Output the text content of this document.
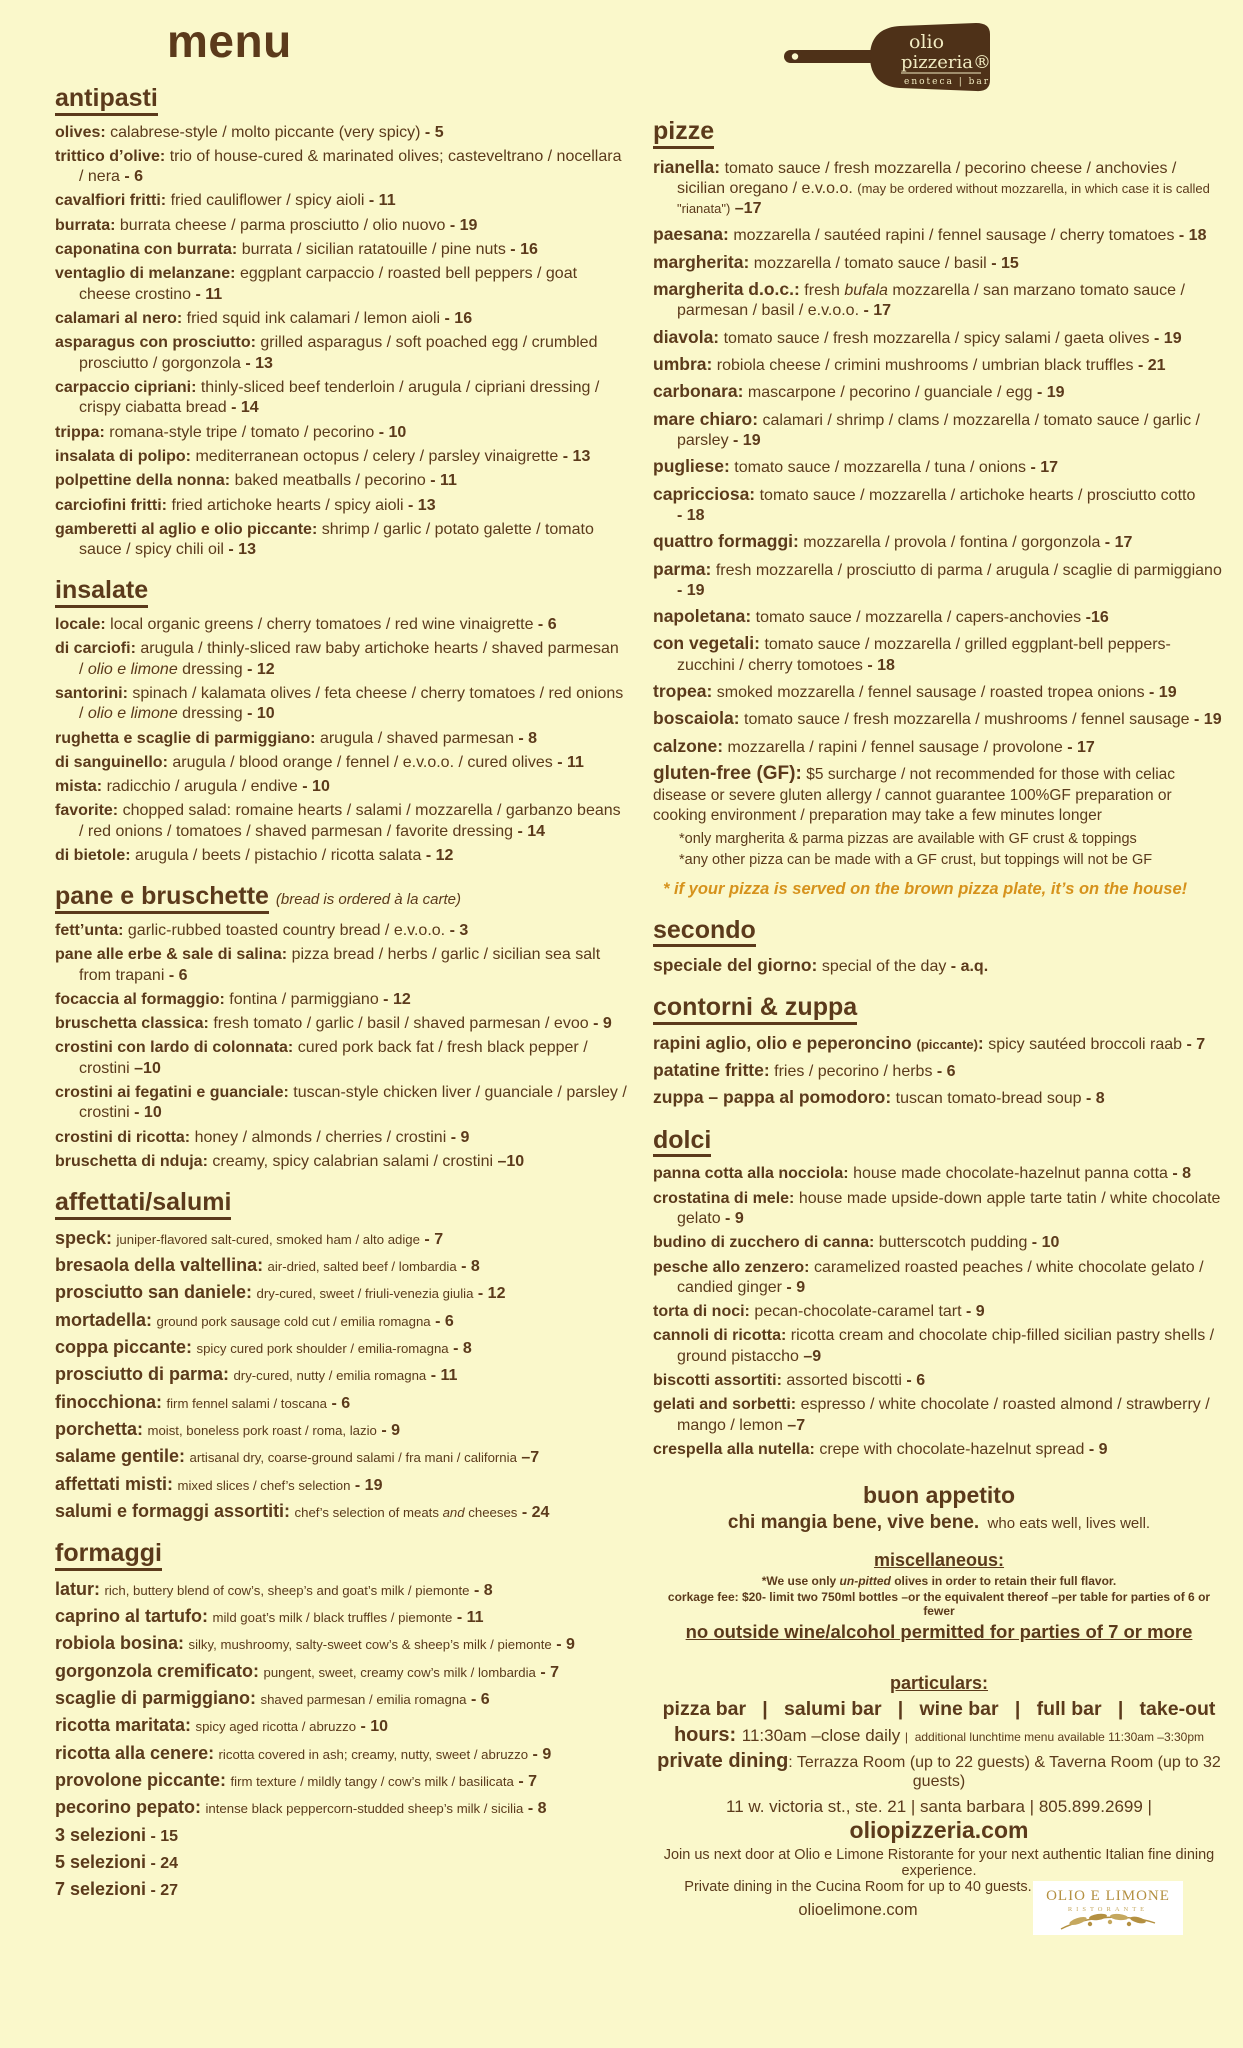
menu
antipasti

olives: calabrese-style / molto piccante (very spicy) - 5

trittico d’olive: trio of house-cured & marinated olives; casteveltrano / nocellara / nera - 6

cavalfiori fritti: fried cauliflower / spicy aioli - 11

burrata: burrata cheese / parma prosciutto / olio nuovo - 19

caponatina con burrata: burrata / sicilian ratatouille / pine nuts - 16

ventaglio di melanzane: eggplant carpaccio / roasted bell peppers / goat cheese crostino - 11

calamari al nero: fried squid ink calamari / lemon aioli - 16

asparagus con prosciutto: grilled asparagus / soft poached egg / crumbled prosciutto / gorgonzola - 13

carpaccio cipriani: thinly-sliced beef tenderloin / arugula / cipriani dressing / crispy ciabatta bread - 14

trippa: romana-style tripe / tomato / pecorino - 10

insalata di polipo: mediterranean octopus / celery / parsley vinaigrette - 13

polpettine della nonna: baked meatballs / pecorino - 11

carciofini fritti: fried artichoke hearts / spicy aioli - 13

gamberetti al aglio e olio piccante: shrimp / garlic / potato galette / tomato sauce / spicy chili oil - 13

insalate

locale: local organic greens / cherry tomatoes / red wine vinaigrette - 6

di carciofi: arugula / thinly-sliced raw baby artichoke hearts / shaved parmesan / olio e limone dressing - 12

santorini: spinach / kalamata olives / feta cheese / cherry tomatoes / red onions / olio e limone dressing - 10

rughetta e scaglie di parmiggiano: arugula / shaved parmesan - 8

di sanguinello: arugula / blood orange / fennel / e.v.o.o. / cured olives - 11

mista: radicchio / arugula / endive - 10

favorite: chopped salad: romaine hearts / salami / mozzarella / garbanzo beans / red onions / tomatoes / shaved parmesan / favorite dressing - 14

di bietole: arugula / beets / pistachio / ricotta salata - 12

pane e bruschette (bread is ordered à la carte)

fett’unta: garlic-rubbed toasted country bread / e.v.o.o. - 3

pane alle erbe & sale di salina: pizza bread / herbs / garlic / sicilian sea salt from trapani - 6

focaccia al formaggio: fontina / parmiggiano - 12

bruschetta classica: fresh tomato / garlic / basil / shaved parmesan / evoo - 9

crostini con lardo di colonnata: cured pork back fat / fresh black pepper / crostini –10

crostini ai fegatini e guanciale: tuscan-style chicken liver / guanciale / parsley / crostini - 10

crostini di ricotta: honey / almonds / cherries / crostini - 9

bruschetta di nduja: creamy, spicy calabrian salami / crostini –10

affettati/salumi

speck: juniper-flavored salt-cured, smoked ham / alto adige - 7

bresaola della valtellina: air-dried, salted beef / lombardia - 8

prosciutto san daniele: dry-cured, sweet / friuli-venezia giulia - 12

mortadella: ground pork sausage cold cut / emilia romagna - 6

coppa piccante: spicy cured pork shoulder / emilia-romagna - 8

prosciutto di parma: dry-cured, nutty / emilia romagna - 11

finocchiona: firm fennel salami / toscana - 6

porchetta: moist, boneless pork roast / roma, lazio - 9

salame gentile: artisanal dry, coarse-ground salami / fra mani / california –7

affettati misti: mixed slices / chef’s selection - 19

salumi e formaggi assortiti: chef’s selection of meats and cheeses - 24

formaggi

latur: rich, buttery blend of cow’s, sheep’s and goat’s milk / piemonte - 8

caprino al tartufo: mild goat’s milk / black truffles / piemonte - 11

robiola bosina: silky, mushroomy, salty-sweet cow’s & sheep’s milk / piemonte - 9

gorgonzola cremificato: pungent, sweet, creamy cow’s milk / lombardia - 7

scaglie di parmiggiano: shaved parmesan / emilia romagna - 6

ricotta maritata: spicy aged ricotta / abruzzo - 10

ricotta alla cenere: ricotta covered in ash; creamy, nutty, sweet / abruzzo - 9

provolone piccante: firm texture / mildly tangy / cow’s milk / basilicata - 7

pecorino pepato: intense black peppercorn-studded sheep’s milk / sicilia - 8

3 selezioni - 15

5 selezioni - 24

7 selezioni - 27

olio
pizzeria®
enoteca | bar
pizze

rianella: tomato sauce / fresh mozzarella / pecorino cheese / anchovies / sicilian oregano / e.v.o.o. (may be ordered without mozzarella, in which case it is called "rianata") –17

paesana: mozzarella / sautéed rapini / fennel sausage / cherry tomatoes - 18

margherita: mozzarella / tomato sauce / basil - 15

margherita d.o.c.: fresh bufala mozzarella / san marzano tomato sauce / parmesan / basil / e.v.o.o. - 17

diavola: tomato sauce / fresh mozzarella / spicy salami / gaeta olives - 19

umbra: robiola cheese / crimini mushrooms / umbrian black truffles - 21

carbonara: mascarpone / pecorino / guanciale / egg - 19

mare chiaro: calamari / shrimp / clams / mozzarella / tomato sauce / garlic / parsley - 19

pugliese: tomato sauce / mozzarella / tuna / onions - 17

capricciosa: tomato sauce / mozzarella / artichoke hearts / prosciutto cotto - 18

quattro formaggi: mozzarella / provola / fontina / gorgonzola - 17

parma: fresh mozzarella / prosciutto di parma / arugula / scaglie di parmiggiano - 19

napoletana: tomato sauce / mozzarella / capers-anchovies -16

con vegetali: tomato sauce / mozzarella / grilled eggplant-bell peppers-zucchini / cherry tomotoes - 18

tropea: smoked mozzarella / fennel sausage / roasted tropea onions - 19

boscaiola: tomato sauce / fresh mozzarella / mushrooms / fennel sausage - 19

calzone: mozzarella / rapini / fennel sausage / provolone - 17

gluten-free (GF): $5 surcharge / not recommended for those with celiac disease or severe gluten allergy / cannot guarantee 100%GF preparation or cooking environment / preparation may take a few minutes longer
*only margherita & parma pizzas are available with GF crust & toppings
*any other pizza can be made with a GF crust, but toppings will not be GF

* if your pizza is served on the brown pizza plate, it’s on the house!

secondo

speciale del giorno: special of the day - a.q.

contorni & zuppa

rapini aglio, olio e peperoncino (piccante): spicy sautéed broccoli raab - 7

patatine fritte: fries / pecorino / herbs - 6

zuppa – pappa al pomodoro: tuscan tomato-bread soup - 8

dolci

panna cotta alla nocciola: house made chocolate-hazelnut panna cotta - 8

crostatina di mele: house made upside-down apple tarte tatin / white chocolate gelato - 9

budino di zucchero di canna: butterscotch pudding - 10

pesche allo zenzero: caramelized roasted peaches / white chocolate gelato / candied ginger - 9

torta di noci: pecan-chocolate-caramel tart - 9

cannoli di ricotta: ricotta cream and chocolate chip-filled sicilian pastry shells / ground pistaccho –9

biscotti assortiti: assorted biscotti - 6

gelati and sorbetti: espresso / white chocolate / roasted almond / strawberry / mango / lemon –7

crespella alla nutella: crepe with chocolate-hazelnut spread - 9

buon appetito

chi mangia bene, vive bene.  who eats well, lives well.

miscellaneous:

*We use only un-pitted olives in order to retain their full flavor.

corkage fee: $20- limit two 750ml bottles –or the equivalent thereof –per table for parties of 6 or fewer

no outside wine/alcohol permitted for parties of 7 or more

particulars:

pizza bar   |   salumi bar   |   wine bar   |   full bar   |   take-out

hours: 11:30am –close daily |  additional lunchtime menu available 11:30am –3:30pm

private dining: Terrazza Room (up to 22 guests) & Taverna Room (up to 32 guests)

11 w. victoria st., ste. 21 | santa barbara | 805.899.2699 | oliopizzeria.com

Join us next door at Olio e Limone Ristorante for your next authentic Italian fine dining experience.

Private dining in the Cucina Room for up to 40 guests.

olioelimone.com

OLIO E LIMONE
RISTORANTE
